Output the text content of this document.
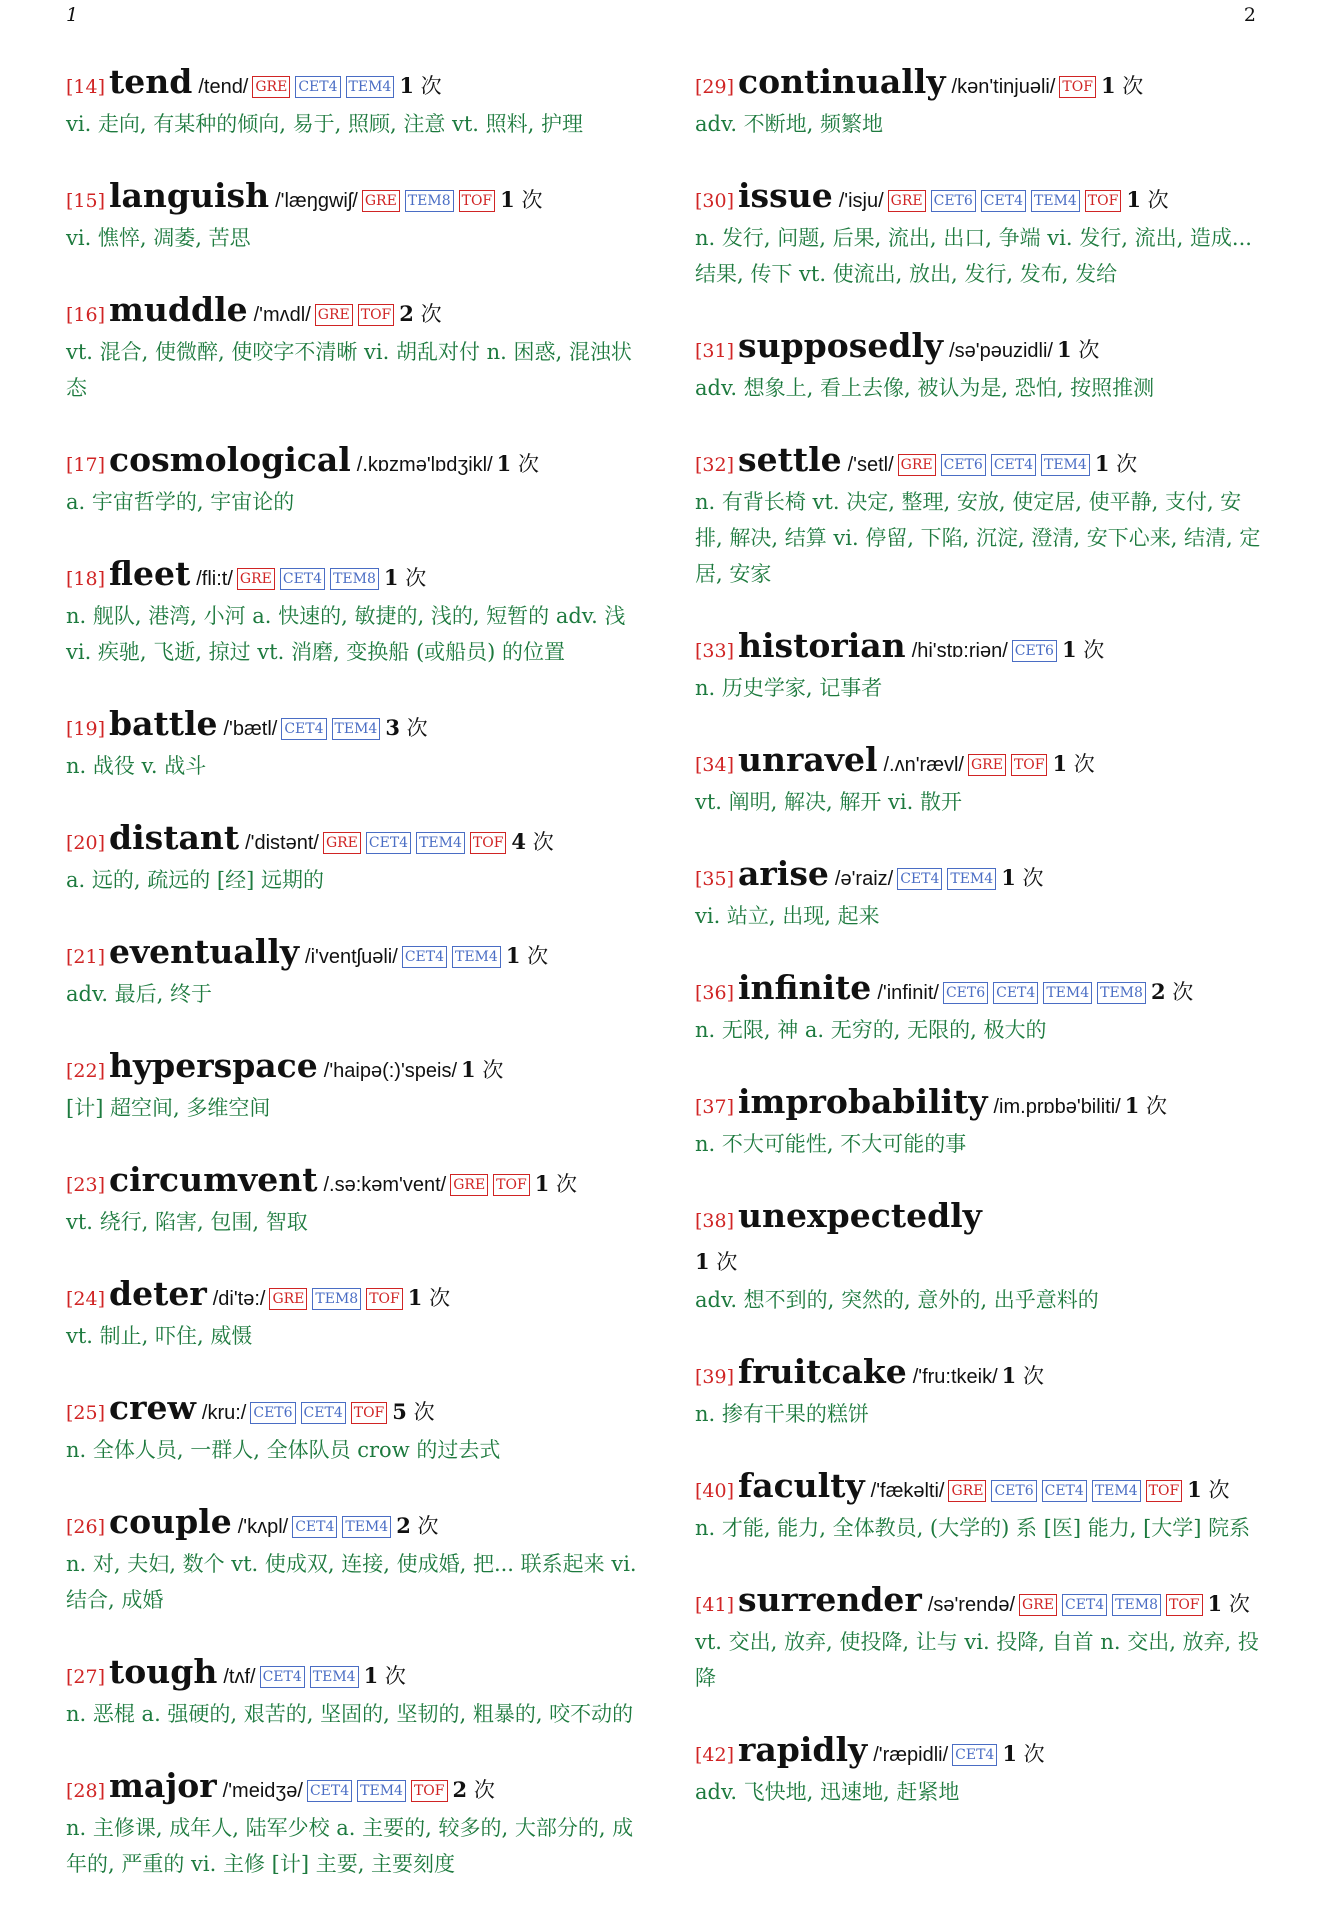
1	2
[14] tend /tend/ GRE CET4 TEM4 1 次
vi. 走向, 有某种的倾向, 易于, 照顾, 注意 vt. 照料, 护理
[15] languish /'læŋgwiʃ/ GRE TEM8 TOF 1 次
vi. 憔悴, 凋萎, 苦思
[16] muddle /'mʌdl/ GRE TOF 2 次
vt. 混合, 使微醉, 使咬字不清晰 vi. 胡乱对付 n. 困惑, 混浊状态
[17] cosmological /.kɒzmə'lɒdʒikl/ 1 次
a. 宇宙哲学的, 宇宙论的
[18] fleet /fli:t/ GRE CET4 TEM8 1 次
n. 舰队, 港湾, 小河 a. 快速的, 敏捷的, 浅的, 短暂的 adv. 浅 vi. 疾驰, 飞逝, 掠过 vt. 消磨, 变换船 (或船员) 的位置
[19] battle /'bætl/ CET4 TEM4 3 次
n. 战役 v. 战斗
[20] distant /'distənt/ GRE CET4 TEM4 TOF 4 次
a. 远的, 疏远的 [经] 远期的
[21] eventually /i'ventʃuəli/ CET4 TEM4 1 次
adv. 最后, 终于
[22] hyperspace /'haipə(:)'speis/ 1 次
[计] 超空间, 多维空间
[23] circumvent /.sə:kəm'vent/ GRE TOF 1 次
vt. 绕行, 陷害, 包围, 智取
[24] deter /di'tə:/ GRE TEM8 TOF 1 次
vt. 制止, 吓住, 威慑
[25] crew /kru:/ CET6 CET4 TOF 5 次
n. 全体人员, 一群人, 全体队员 crow 的过去式
[26] couple /'kʌpl/ CET4 TEM4 2 次
n. 对, 夫妇, 数个 vt. 使成双, 连接, 使成婚, 把... 联系起来 vi. 结合, 成婚
[27] tough /tʌf/ CET4 TEM4 1 次
n. 恶棍 a. 强硬的, 艰苦的, 坚固的, 坚韧的, 粗暴的, 咬不动的
[28] major /'meidʒə/ CET4 TEM4 TOF 2 次
n. 主修课, 成年人, 陆军少校 a. 主要的, 较多的, 大部分的, 成年的, 严重的 vi. 主修 [计] 主要, 主要刻度
[29] continually /kən'tinjuəli/ TOF 1 次
adv. 不断地, 频繁地
[30] issue /'isju/ GRE CET6 CET4 TEM4 TOF 1 次
n. 发行, 问题, 后果, 流出, 出口, 争端 vi. 发行, 流出, 造成... 结果, 传下 vt. 使流出, 放出, 发行, 发布, 发给
[31] supposedly /sə'pəuzidli/ 1 次
adv. 想象上, 看上去像, 被认为是, 恐怕, 按照推测
[32] settle /'setl/ GRE CET6 CET4 TEM4 1 次
n. 有背长椅 vt. 决定, 整理, 安放, 使定居, 使平静, 支付, 安排, 解决, 结算 vi. 停留, 下陷, 沉淀, 澄清, 安下心来, 结清, 定居, 安家
[33] historian /hi'stɒ:riən/ CET6 1 次
n. 历史学家, 记事者
[34] unravel /.ʌn'rævl/ GRE TOF 1 次
vt. 阐明, 解决, 解开 vi. 散开
[35] arise /ə'raiz/ CET4 TEM4 1 次
vi. 站立, 出现, 起来
[36] infinite /'infinit/ CET6 CET4 TEM4 TEM8 2 次
n. 无限, 神 a. 无穷的, 无限的, 极大的
[37] improbability /im.prɒbə'biliti/ 1 次
n. 不大可能性, 不大可能的事
[38] unexpectedly
1 次
adv. 想不到的, 突然的, 意外的, 出乎意料的
[39] fruitcake /'fru:tkeik/ 1 次
n. 掺有干果的糕饼
[40] faculty /'fækəlti/ GRE CET6 CET4 TEM4 TOF 1 次
n. 才能, 能力, 全体教员, (大学的) 系 [医] 能力, [大学] 院系
[41] surrender /sə'rendə/ GRE CET4 TEM8 TOF 1 次
vt. 交出, 放弃, 使投降, 让与 vi. 投降, 自首 n. 交出, 放弃, 投降
[42] rapidly /'ræpidli/ CET4 1 次
adv. 飞快地, 迅速地, 赶紧地
